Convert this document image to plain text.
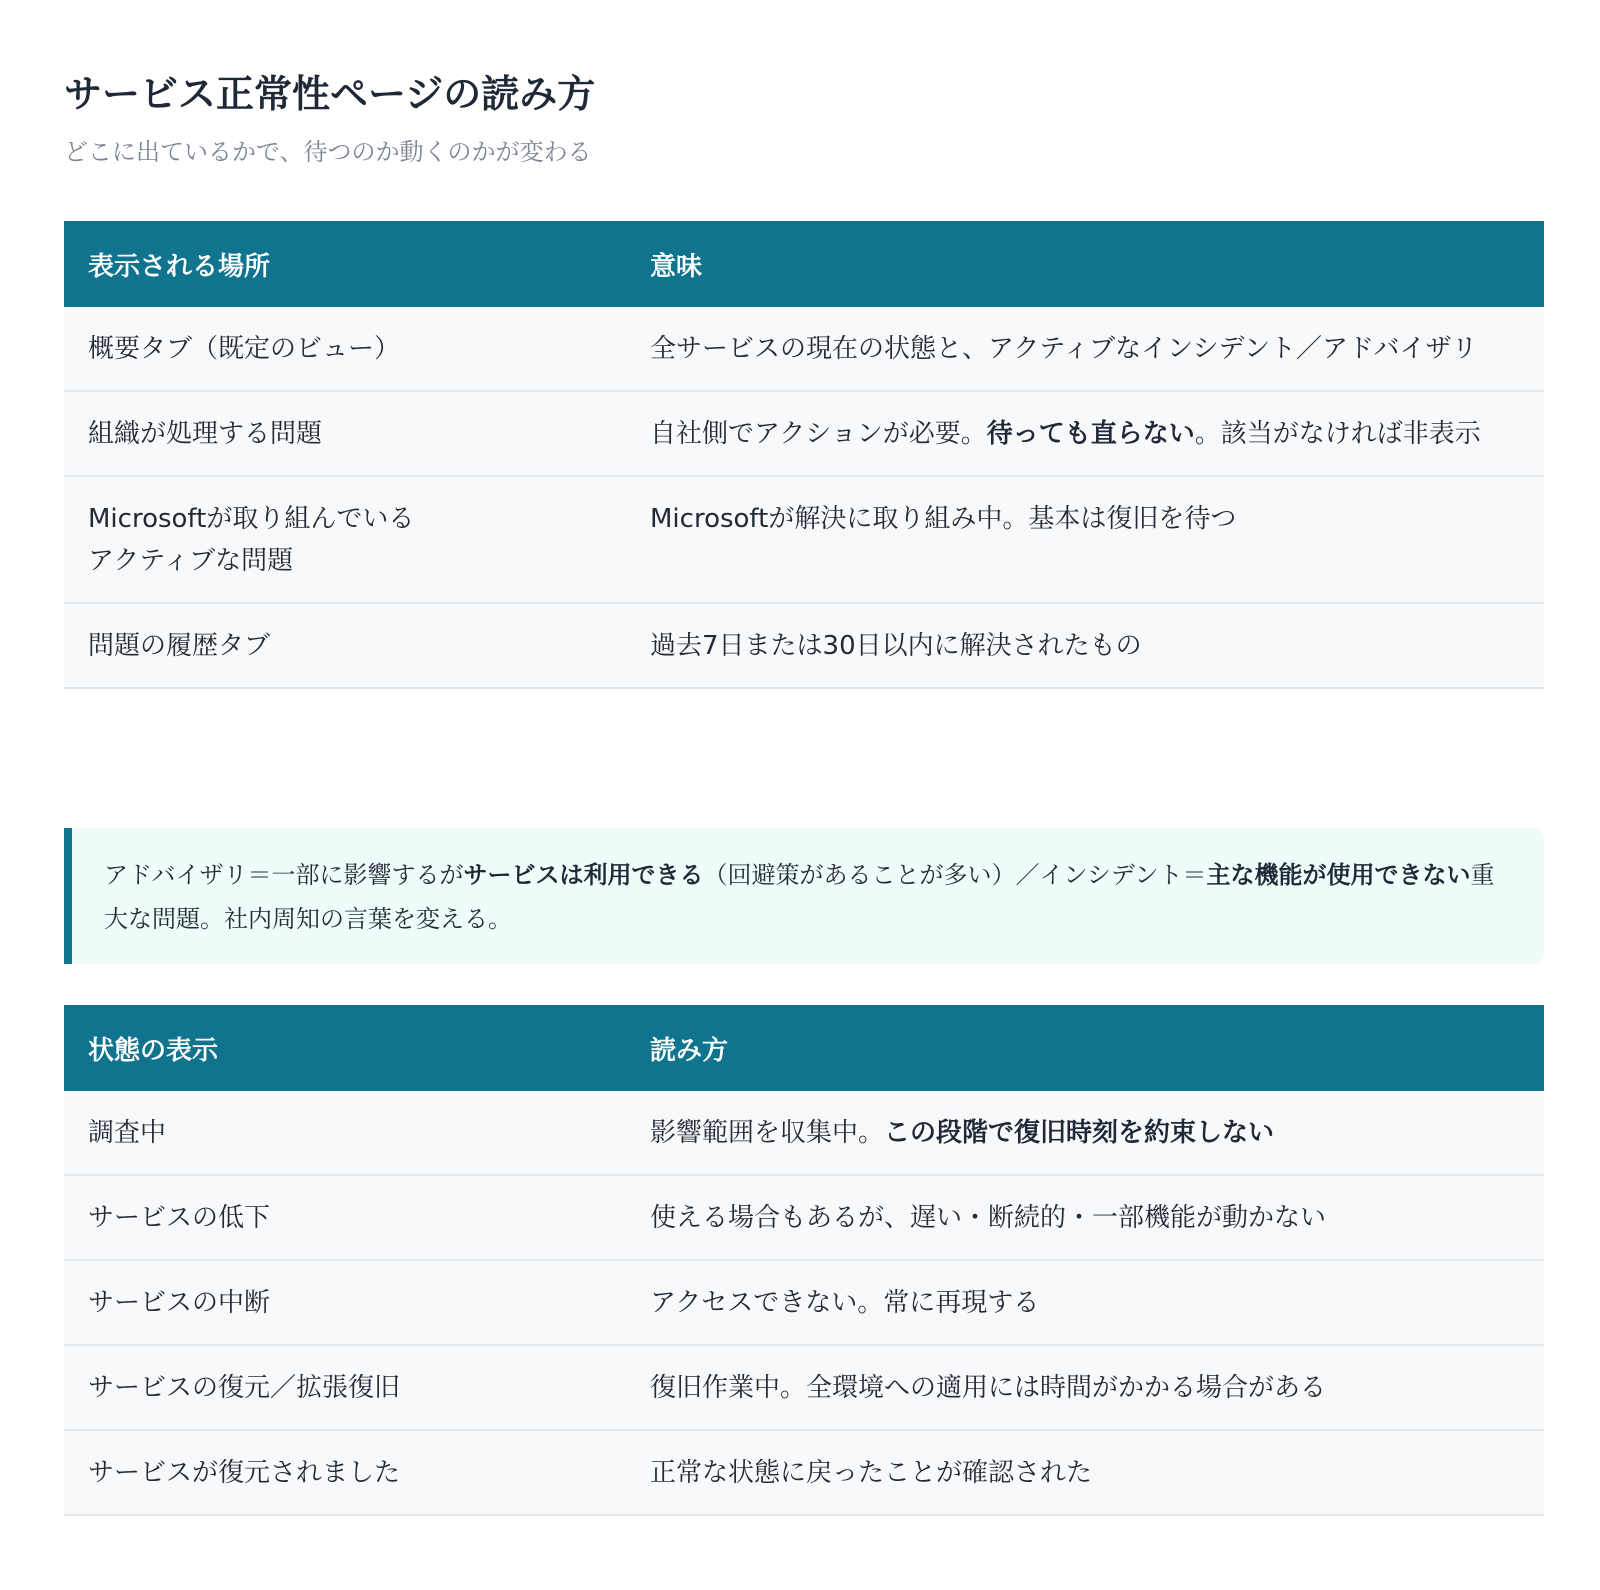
サービス正常性ページの読み方

どこに出ているかで、待つのか動くのかが変わる

表示される場所	意味
概要タブ（既定のビュー）	全サービスの現在の状態と、アクティブなインシデント／アドバイザリ
組織が処理する問題	自社側でアクションが必要。待っても直らない。該当がなければ非表示
Microsoftが取り組んでいる
アクティブな問題	Microsoftが解決に取り組み中。基本は復旧を待つ
問題の履歴タブ	過去7日または30日以内に解決されたもの
アドバイザリ＝一部に影響するがサービスは利用できる（回避策があることが多い）／インシデント＝主な機能が使用できない重大な問題。社内周知の言葉を変える。
状態の表示	読み方
調査中	影響範囲を収集中。この段階で復旧時刻を約束しない
サービスの低下	使える場合もあるが、遅い・断続的・一部機能が動かない
サービスの中断	アクセスできない。常に再現する
サービスの復元／拡張復旧	復旧作業中。全環境への適用には時間がかかる場合がある
サービスが復元されました	正常な状態に戻ったことが確認された
